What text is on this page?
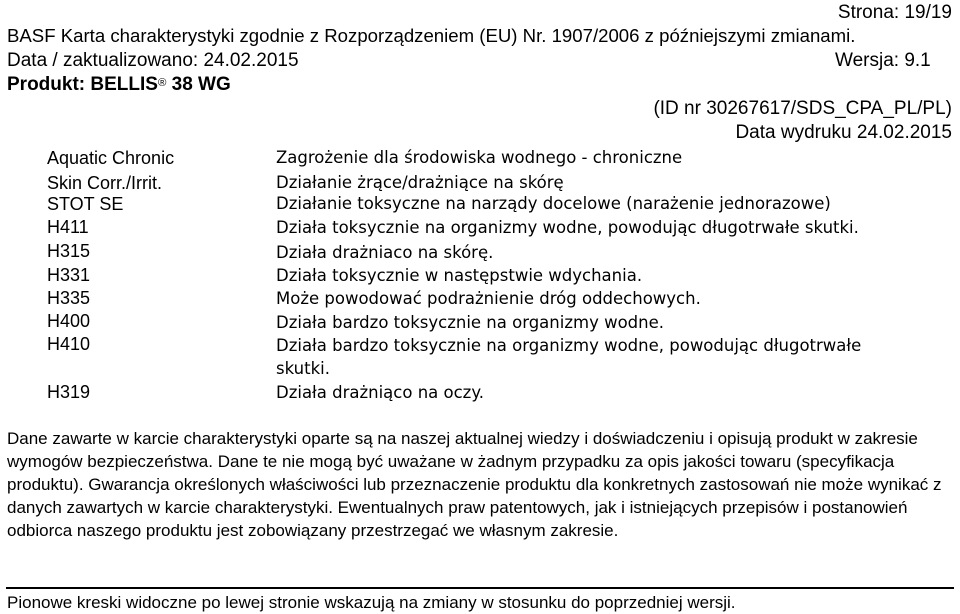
Strona: 19/19
BASF Karta charakterystyki zgodnie z Rozporządzeniem (EU) Nr. 1907/2006 z późniejszymi zmianami.
Data / zaktualizowano: 24.02.2015	Wersja: 9.1
Produkt: BELLIS® 38 WG
(ID nr 30267617/SDS_CPA_PL/PL)
Data wydruku 24.02.2015
Aquatic Chronic	Zagrożenie dla środowiska wodnego - chroniczne
Skin Corr./Irrit.	Działanie żrące/drażniące na skórę
STOT SE	Działanie toksyczne na narządy docelowe (narażenie jednorazowe)
H411	Działa toksycznie na organizmy wodne, powodując długotrwałe skutki.
H315	Działa drażniaco na skórę.
H331	Działa toksycznie w następstwie wdychania.
H335	Może powodować podrażnienie dróg oddechowych.
H400	Działa bardzo toksycznie na organizmy wodne.
H410	Działa bardzo toksycznie na organizmy wodne, powodując długotrwałe
skutki.
H319	Działa drażniąco na oczy.
Dane zawarte w karcie charakterystyki oparte są na naszej aktualnej wiedzy i doświadczeniu i opisują produkt w zakresie wymogów bezpieczeństwa. Dane te nie mogą być uważane w żadnym przypadku za opis jakości towaru (specyfikacja produktu). Gwarancja określonych właściwości lub przeznaczenie produktu dla konkretnych zastosowań nie może wynikać z danych zawartych w karcie charakterystyki. Ewentualnych praw patentowych, jak i istniejących przepisów i postanowień odbiorca naszego produktu jest zobowiązany przestrzegać we własnym zakresie.
Pionowe kreski widoczne po lewej stronie wskazują na zmiany w stosunku do poprzedniej wersji.
